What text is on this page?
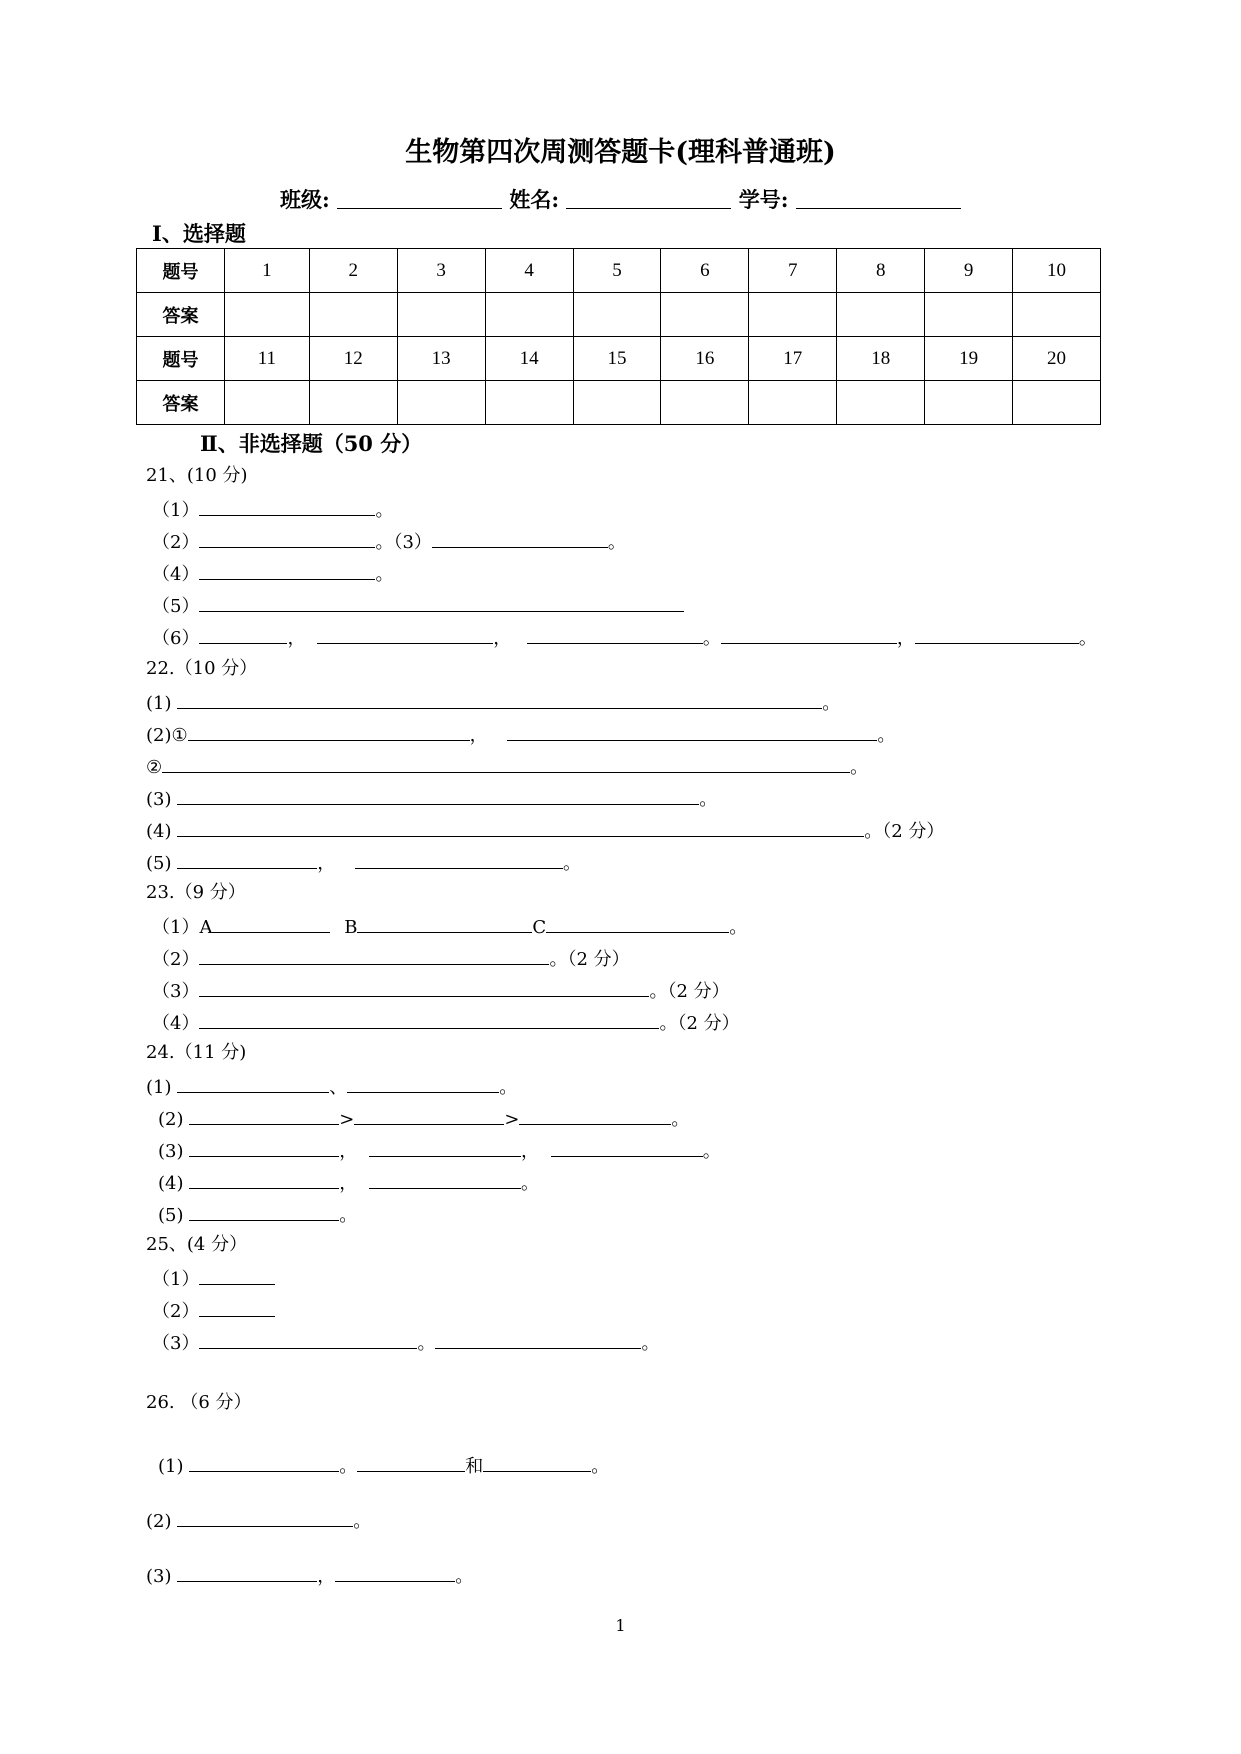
生物第四次周测答题卡(理科普通班)
班级:	姓名:	学号:
Ⅰ、选择题
题号	1	2	3	4	5	6	7	8	9	10
答案										
题号	11	12	13	14	15	16	17	18	19	20
答案										
Ⅱ、非选择题（50 分）
21、(10 分)
（1）	。
（2）	。（3）	。
（4）	。
（5）
（6）	，	，	。	，	。
22.（10 分）
(1)	。
(2)①	，	。
②	。
(3)	。
(4)	。（2 分）
(5)	，	。
23.（9 分）
（1）A	B	C	。
（2）	。（2 分）
（3）	。（2 分）
（4）	。（2 分）
24.（11 分)
(1)	、	。
(2)	>	>	。
(3)	，	，	。
(4)	，	。
(5)	。
25、(4 分）
（1）
（2）
（3）	。	。
26. （6 分）
(1)	。	和	。
(2)	。
(3)	，	。
1
